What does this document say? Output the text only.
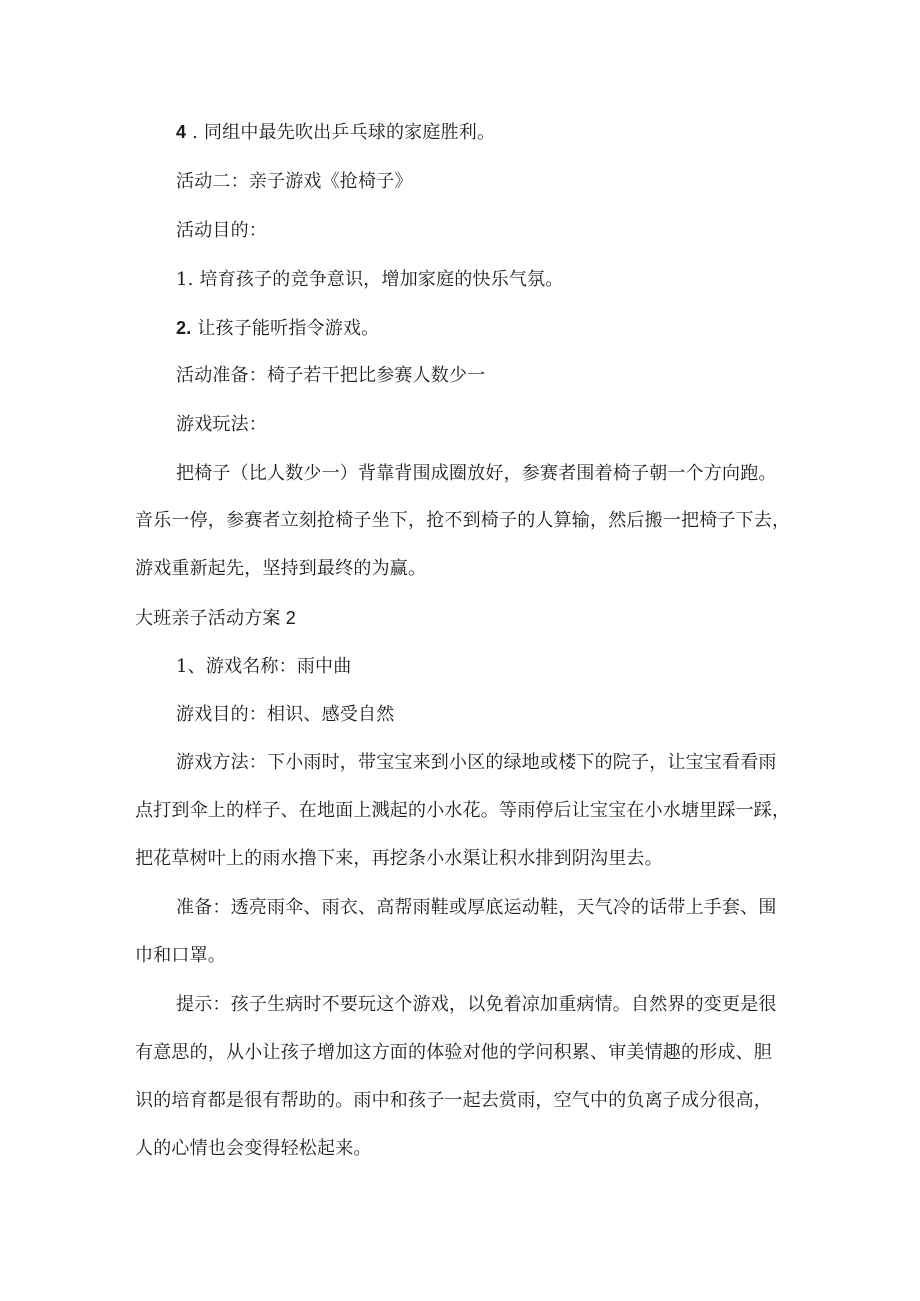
4 . 同组中最先吹出乒乓球的家庭胜利。
活动二：亲子游戏《抢椅子》
活动目的：
1. 培育孩子的竞争意识，增加家庭的快乐气氛。
2. 让孩子能听指令游戏。
活动准备：椅子若干把比参赛人数少一
游戏玩法：
把椅子（比人数少一）背靠背围成圈放好，参赛者围着椅子朝一个方向跑。
音乐一停，参赛者立刻抢椅子坐下，抢不到椅子的人算输，然后搬一把椅子下去，
游戏重新起先，坚持到最终的为赢。
大班亲子活动方案 2
1、游戏名称：雨中曲
游戏目的：相识、感受自然
游戏方法：下小雨时，带宝宝来到小区的绿地或楼下的院子，让宝宝看看雨
点打到伞上的样子、在地面上溅起的小水花。等雨停后让宝宝在小水塘里踩一踩，
把花草树叶上的雨水撸下来，再挖条小水渠让积水排到阴沟里去。
准备：透亮雨伞、雨衣、高帮雨鞋或厚底运动鞋，天气冷的话带上手套、围
巾和口罩。
提示：孩子生病时不要玩这个游戏，以免着凉加重病情。自然界的变更是很
有意思的，从小让孩子增加这方面的体验对他的学问积累、审美情趣的形成、胆
识的培育都是很有帮助的。雨中和孩子一起去赏雨，空气中的负离子成分很高，
人的心情也会变得轻松起来。
